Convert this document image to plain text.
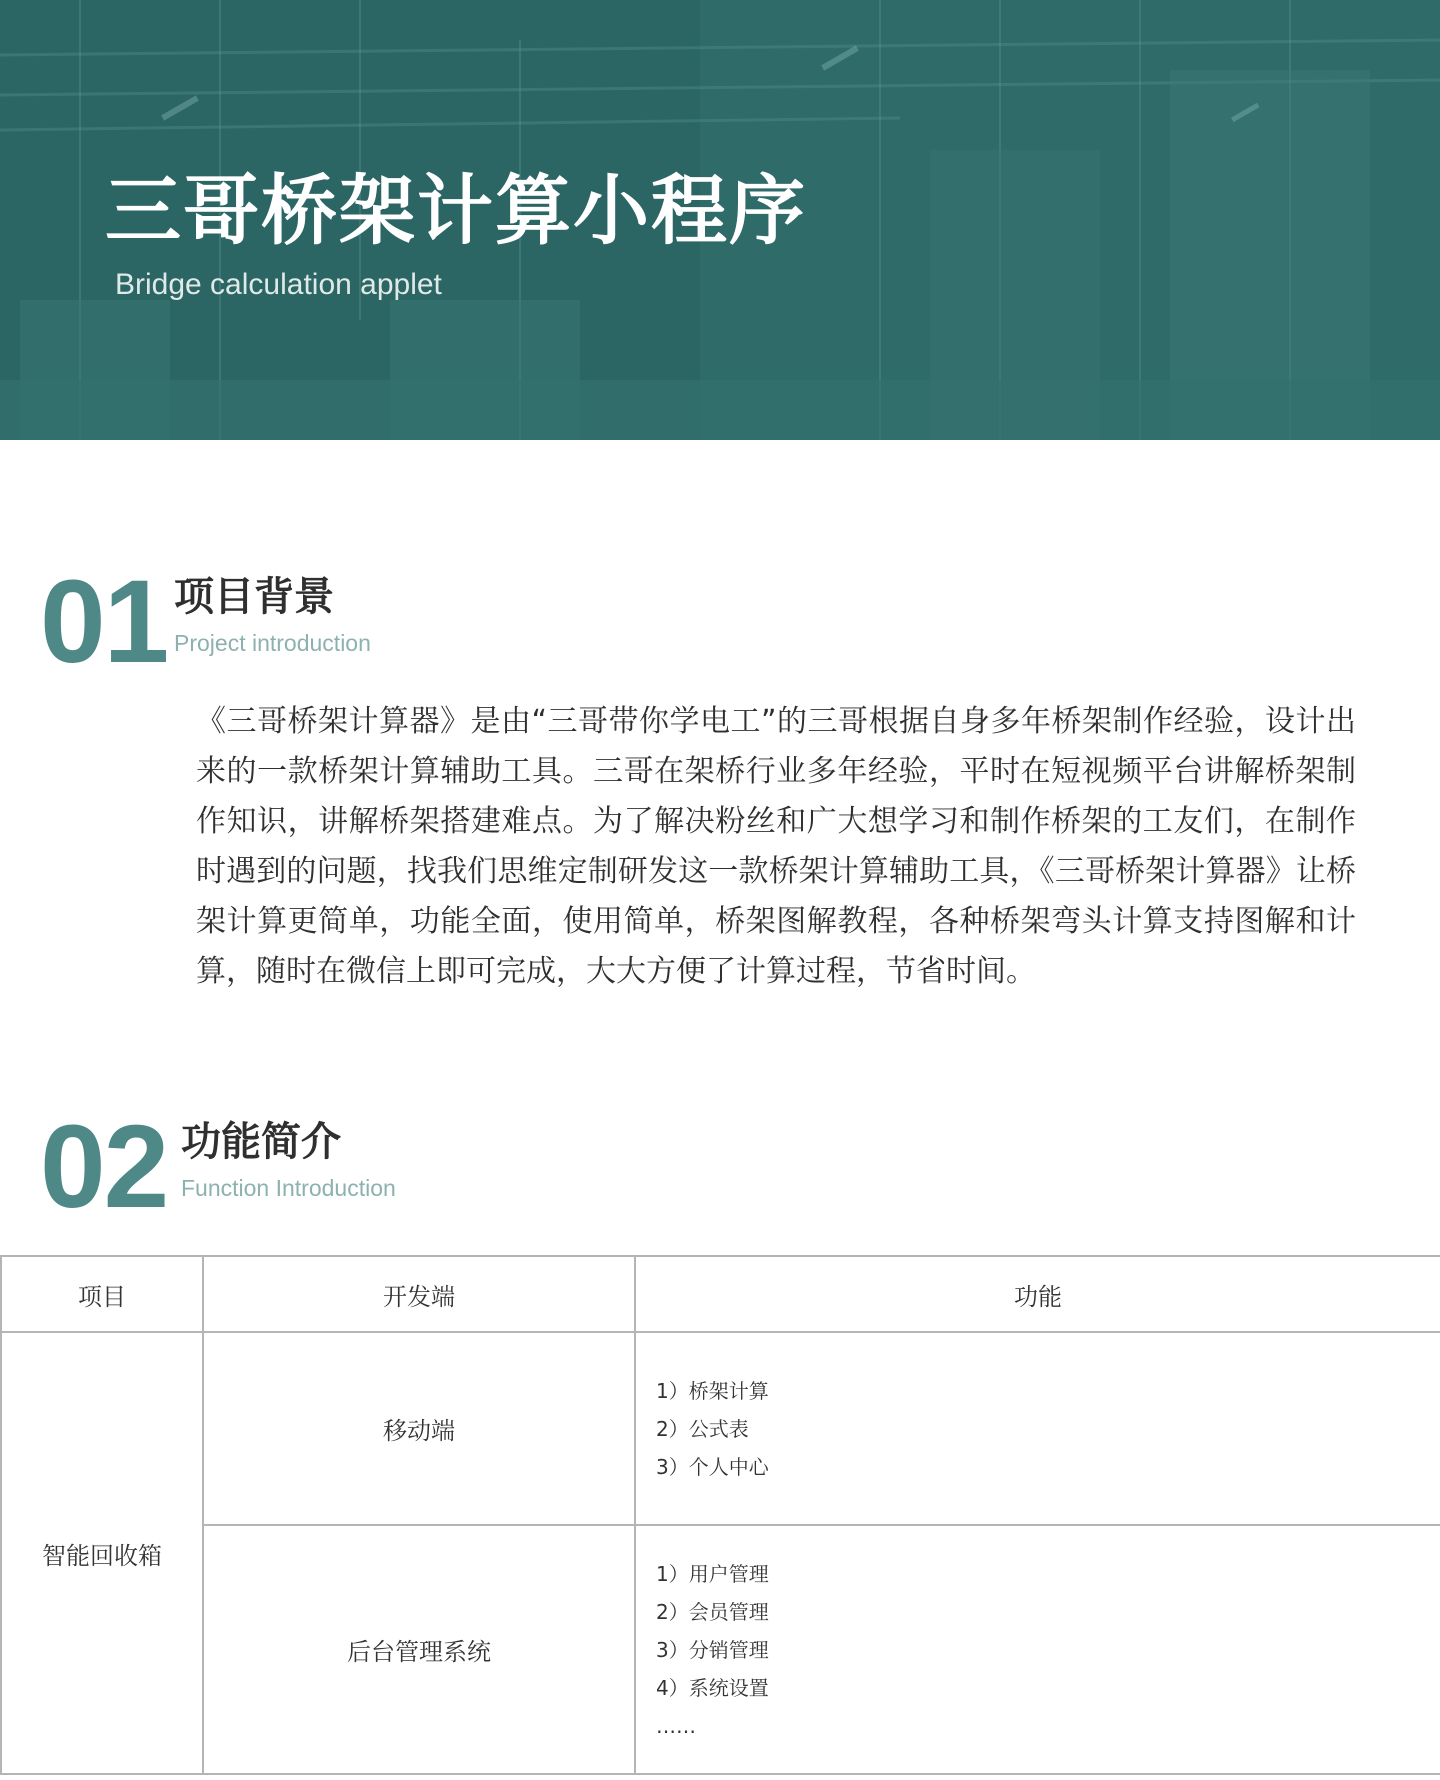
三哥桥架计算小程序
Bridge calculation applet
01 项目背景
Project introduction
《三哥桥架计算器》是由“三哥带你学电工”的三哥根据自身多年桥架制作经验，设计出来的一款桥架计算辅助工具。三哥在架桥行业多年经验，平时在短视频平台讲解桥架制作知识，讲解桥架搭建难点。为了解决粉丝和广大想学习和制作桥架的工友们，在制作时遇到的问题，找我们思维定制研发这一款桥架计算辅助工具，《三哥桥架计算器》让桥架计算更简单，功能全面，使用简单，桥架图解教程，各种桥架弯头计算支持图解和计算，随时在微信上即可完成，大大方便了计算过程，节省时间。
02 功能简介
Function Introduction
项目	开发端	功能
智能回收箱	移动端	1）桥架计算
2）公式表
3）个人中心

	后台管理系统	1）用户管理
2）会员管理
3）分销管理
4）系统设置
……
